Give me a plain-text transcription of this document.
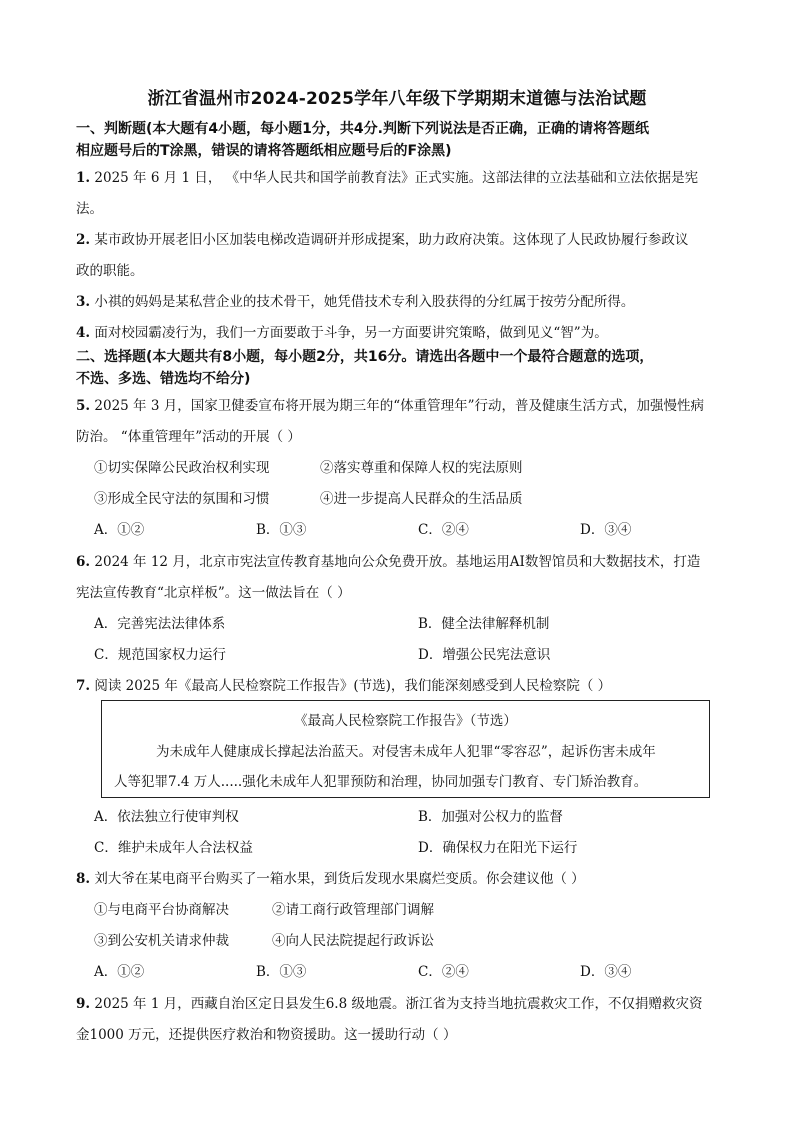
浙江省温州市2024-2025学年八年级下学期期末道德与法治试题
一、判断题(本大题有4小题，每小题1分，共4分.判断下列说法是否正确，正确的请将答题纸
相应题号后的T涂黑，错误的请将答题纸相应题号后的F涂黑)
1. 2025 年 6 月 1 日， 《中华人民共和国学前教育法》正式实施。这部法律的立法基础和立法依据是宪
法。
2. 某市政协开展老旧小区加装电梯改造调研并形成提案，助力政府决策。这体现了人民政协履行参政议
政的职能。
3. 小祺的妈妈是某私营企业的技术骨干，她凭借技术专利入股获得的分红属于按劳分配所得。
4. 面对校园霸凌行为，我们一方面要敢于斗争，另一方面要讲究策略，做到见义“智”为。
二、选择题(本大题共有8小题，每小题2分，共16分。请选出各题中一个最符合题意的选项，
不选、多选、错选均不给分)
5. 2025 年 3 月，国家卫健委宣布将开展为期三年的“体重管理年”行动，普及健康生活方式，加强慢性病
防治。 “体重管理年”活动的开展（ ）
①切实保障公民政治权利实现	②落实尊重和保障人权的宪法原则
③形成全民守法的氛围和习惯	④进一步提高人民群众的生活品质
A．①②	B．①③	C．②④	D．③④
6. 2024 年 12 月，北京市宪法宣传教育基地向公众免费开放。基地运用AI数智馆员和大数据技术，打造
宪法宣传教育“北京样板”。这一做法旨在（ ）
A．完善宪法法律体系	B．健全法律解释机制
C．规范国家权力运行	D．增强公民宪法意识
7. 阅读 2025 年《最高人民检察院工作报告》(节选)，我们能深刻感受到人民检察院（ ）
《最高人民检察院工作报告》（节选）
为未成年人健康成长撑起法治蓝天。对侵害未成年人犯罪“零容忍”，起诉伤害未成年
人等犯罪7.4 万人.....强化未成年人犯罪预防和治理，协同加强专门教育、专门矫治教育。
A．依法独立行使审判权	B．加强对公权力的监督
C．维护未成年人合法权益	D．确保权力在阳光下运行
8. 刘大爷在某电商平台购买了一箱水果，到货后发现水果腐烂变质。你会建议他（ ）
①与电商平台协商解决	②请工商行政管理部门调解
③到公安机关请求仲裁	④向人民法院提起行政诉讼
A．①②	B．①③	C．②④	D．③④
9. 2025 年 1 月，西藏自治区定日县发生6.8 级地震。浙江省为支持当地抗震救灾工作，不仅捐赠救灾资
金1000 万元，还提供医疗救治和物资援助。这一援助行动（ ）
